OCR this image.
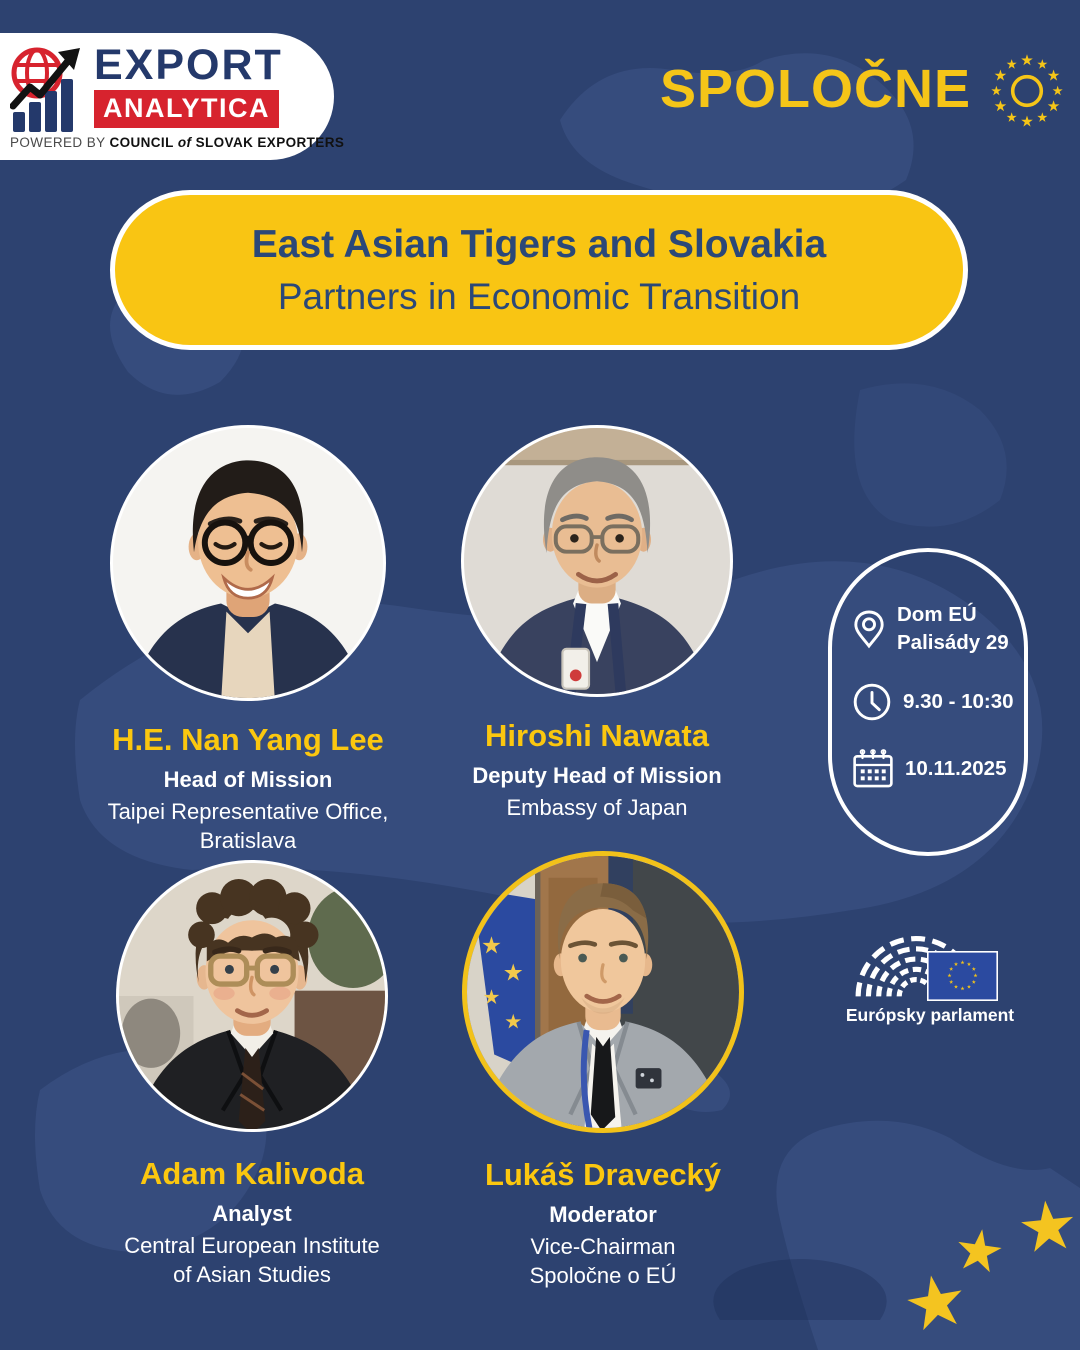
EXPORT
ANALYTICA
POWERED BY COUNCIL of SLOVAK EXPORTERS
SPOLOČNE
East Asian Tigers and Slovakia
Partners in Economic Transition
H.E. Nan Yang Lee
Head of Mission
Taipei Representative Office,
Bratislava
Hiroshi Nawata
Deputy Head of Mission
Embassy of Japan
Dom EÚ
Palisády 29
9.30 - 10:30
10.11.2025
Adam Kalivoda
Analyst
Central European Institute
of Asian Studies
Lukáš Dravecký
Moderator
Vice-Chairman
Spoločne o EÚ
Európsky parlament
